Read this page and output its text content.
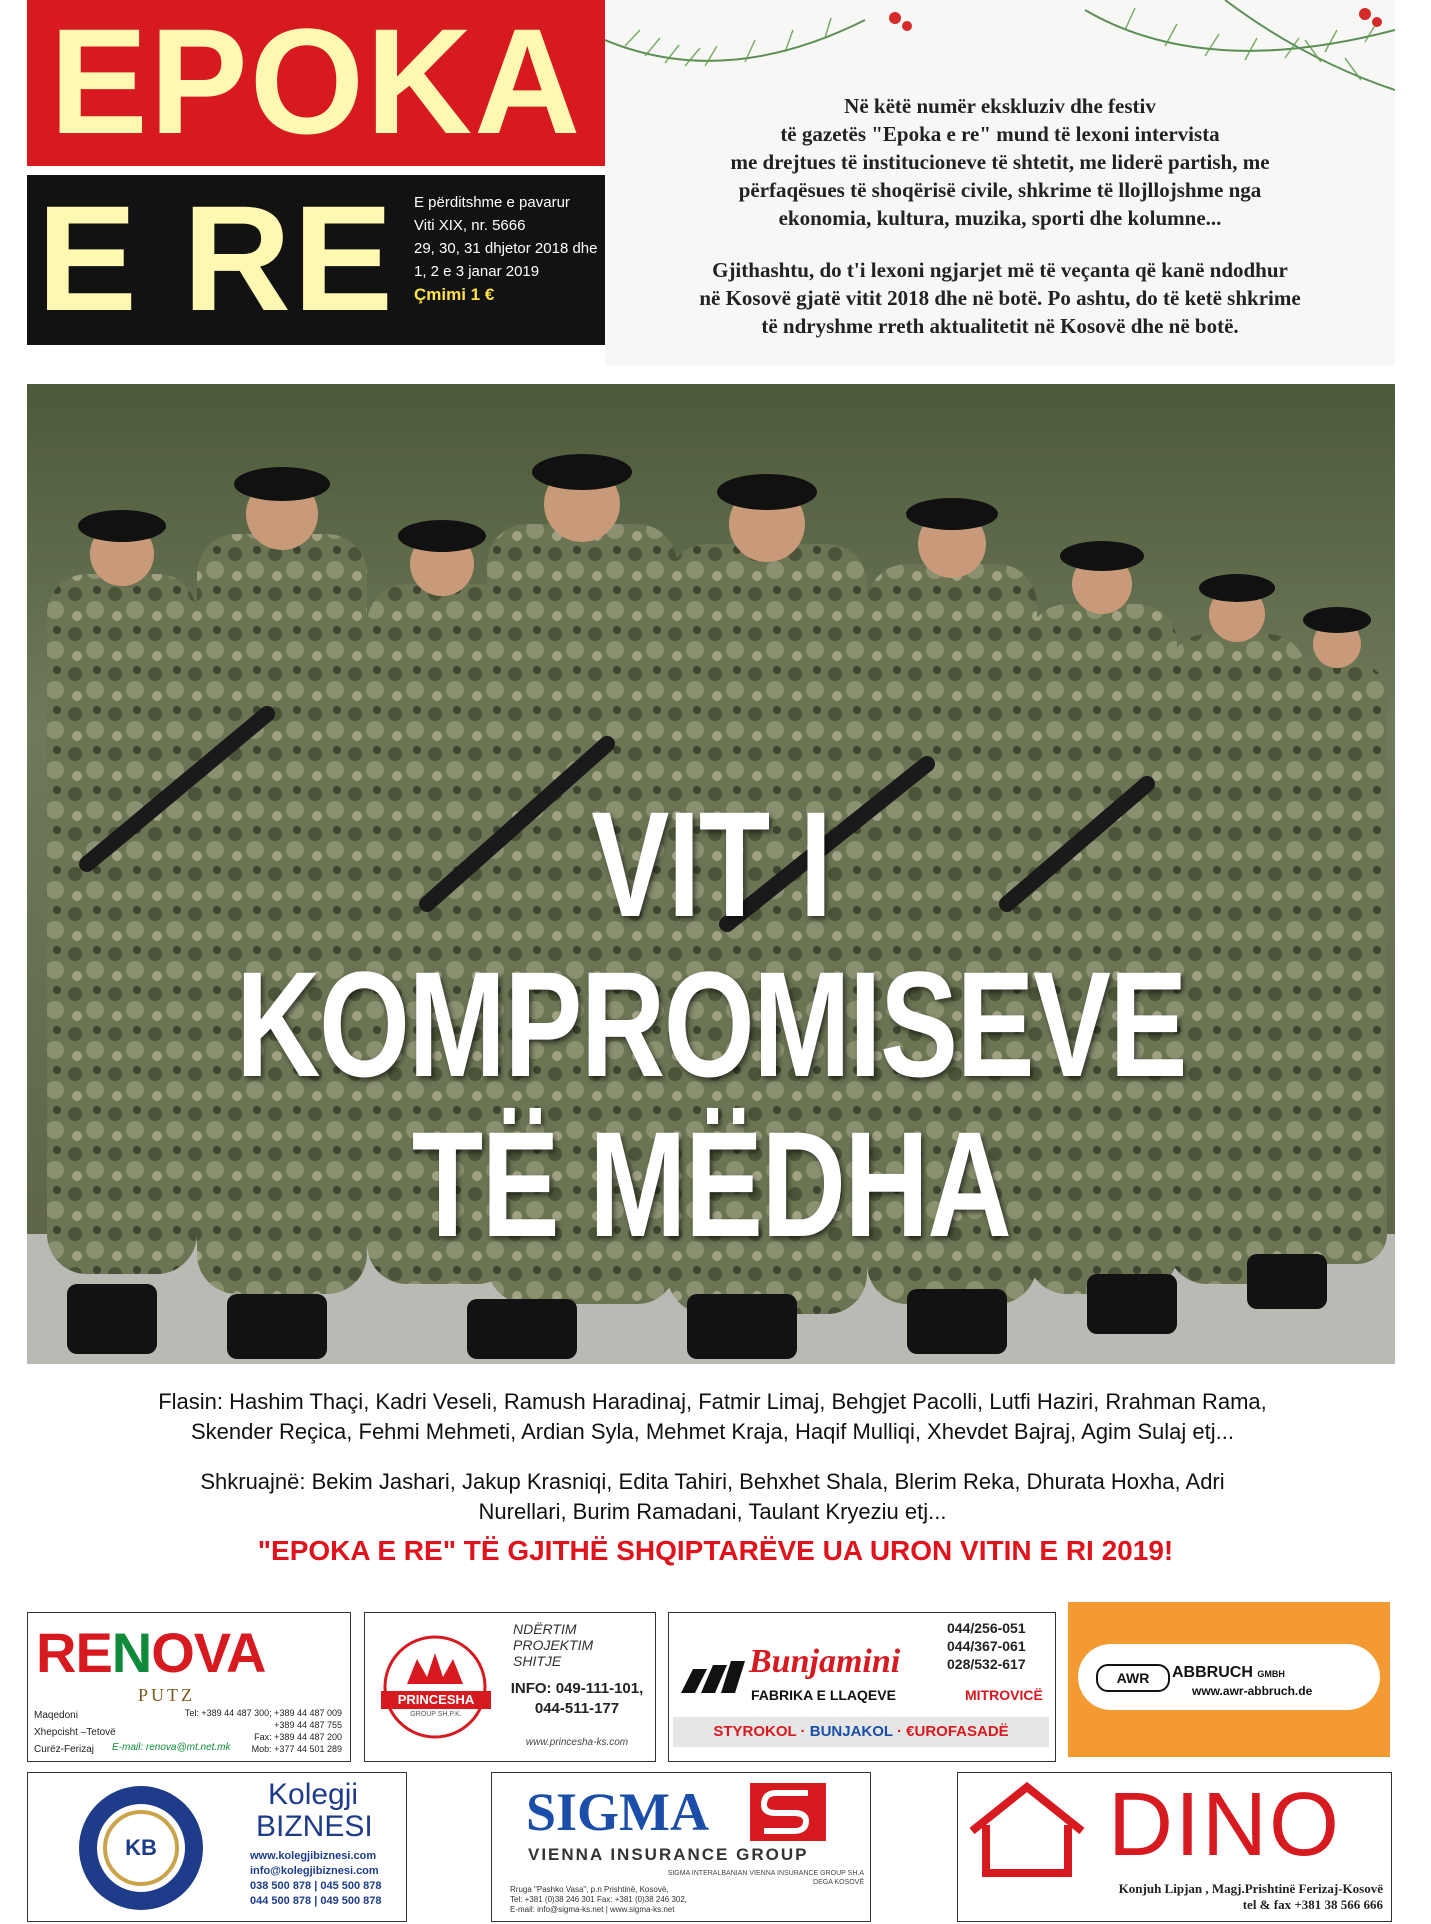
EPOKA
E RE E përditshme e pavarur
Viti XIX, nr. 5666
29, 30, 31 dhjetor 2018 dhe
1, 2 e 3 janar 2019
Çmimi 1 €
Në këtë numër ekskluziv dhe festiv
të gazetës "Epoka e re" mund të lexoni intervista
me drejtues të institucioneve të shtetit, me liderë partish, me
përfaqësues të shoqërisë civile, shkrime të llojllojshme nga
ekonomia, kultura, muzika, sporti dhe kolumne...
Gjithashtu, do t'i lexoni ngjarjet më të veçanta që kanë ndodhur
në Kosovë gjatë vitit 2018 dhe në botë. Po ashtu, do të ketë shkrime
të ndryshme rreth aktualitetit në Kosovë dhe në botë.
VIT I KOMPROMISEVE
TË MËDHA
Flasin: Hashim Thaçi, Kadri Veseli, Ramush Haradinaj, Fatmir Limaj, Behgjet Pacolli, Lutfi Haziri, Rrahman Rama,
Skender Reçica, Fehmi Mehmeti, Ardian Syla, Mehmet Kraja, Haqif Mulliqi, Xhevdet Bajraj, Agim Sulaj etj...
Shkruajnë: Bekim Jashari, Jakup Krasniqi, Edita Tahiri, Behxhet Shala, Blerim Reka, Dhurata Hoxha, Adri
Nurellari, Burim Ramadani, Taulant Kryeziu etj...
"EPOKA E RE" TË GJITHË SHQIPTARËVE UA URON VITIN E RI 2019!
RENOVA
PUTZ
Maqedoni
Xhepcisht –Tetovë
Curёz-Ferizaj
Tel: +389 44 487 300; +389 44 487 009
+389 44 487 755
Fax: +389 44 487 200
Mob: +377 44 501 289
E-mail: renova@mt.net.mk
PRINCESHA
GROUP SH.P.K.
NDËRTIM
PROJEKTIM
SHITJE
INFO: 049-111-101,
044-511-177
www.princesha-ks.com
044/256-051
044/367-061
028/532-617
Bunjamini
FABRIKA E LLAQEVE	MITROVICË
STYROKOL · BUNJAKOL · €UROFASADË
AWR	ABBRUCH GMBH
www.awr-abbruch.de
KB
Kolegji
BIZNESI
www.kolegjibiznesi.com
info@kolegjibiznesi.com
038 500 878 | 045 500 878
044 500 878 | 049 500 878
SIGMA
VIENNA INSURANCE GROUP
SIGMA INTERALBANIAN VIENNA INSURANCE GROUP SH.A
DEGA KOSOVË
Rruga "Pashko Vasa", p.n Prishtinë, Kosovë,
Tel: +381 (0)38 246 301 Fax: +381 (0)38 246 302,
E-mail: info@sigma-ks.net | www.sigma-ks.net
DINO
Konjuh Lipjan , Magj.Prishtinë Ferizaj-Kosovë
tel & fax +381 38 566 666
